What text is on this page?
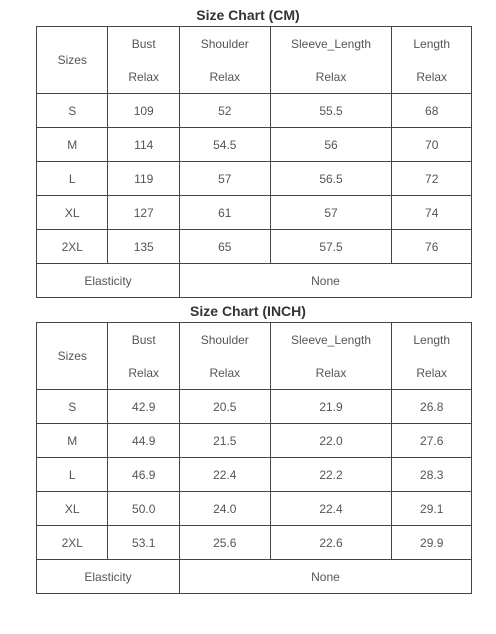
Size Chart (CM)
Sizes	Bust	Shoulder	Sleeve_Length	Length
	Relax	Relax	Relax	Relax
S	109	52	55.5	68
M	114	54.5	56	70
L	119	57	56.5	72
XL	127	61	57	74
2XL	135	65	57.5	76
Elasticity		None		
Size Chart (INCH)
Sizes	Bust	Shoulder	Sleeve_Length	Length
	Relax	Relax	Relax	Relax
S	42.9	20.5	21.9	26.8
M	44.9	21.5	22.0	27.6
L	46.9	22.4	22.2	28.3
XL	50.0	24.0	22.4	29.1
2XL	53.1	25.6	22.6	29.9
Elasticity		None		
